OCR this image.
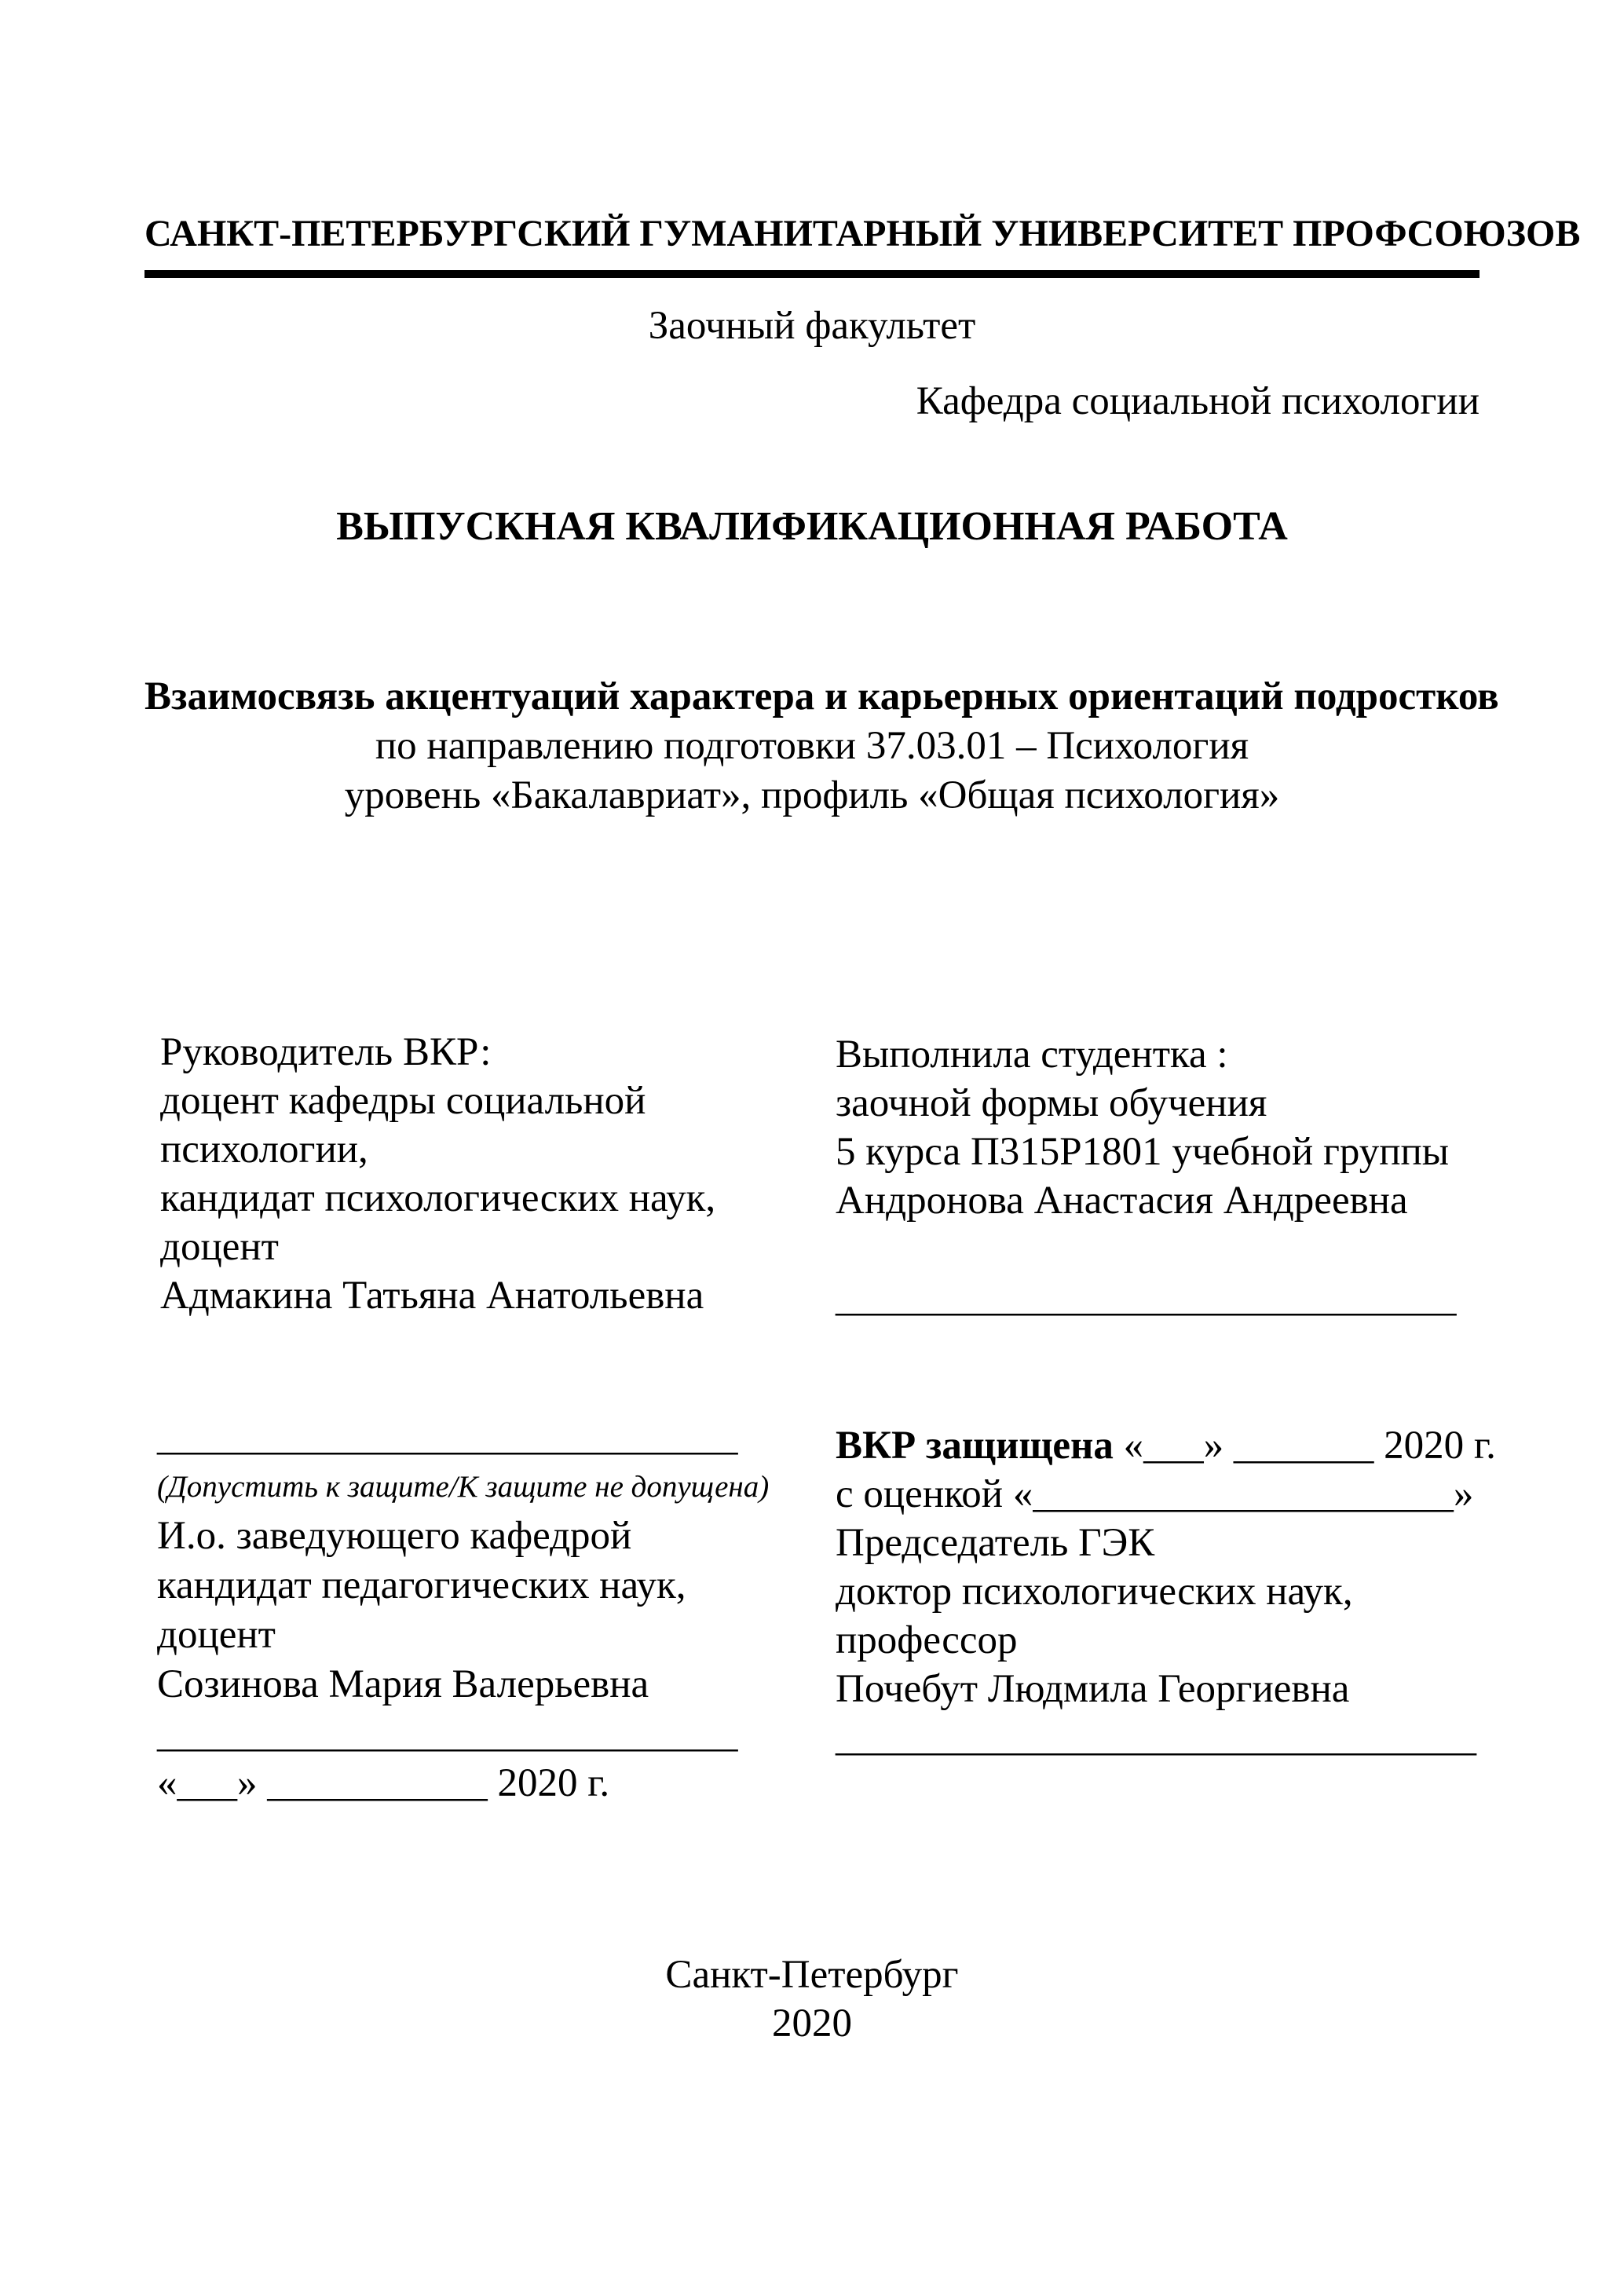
САНКТ-ПЕТЕРБУРГСКИЙ ГУМАНИТАРНЫЙ УНИВЕРСИТЕТ ПРОФСОЮЗОВ
Заочный факультет
Кафедра социальной психологии
ВЫПУСКНАЯ КВАЛИФИКАЦИОННАЯ РАБОТА
Взаимосвязь акцентуаций характера и карьерных ориентаций подростков
по направлению подготовки 37.03.01 – Психология
уровень «Бакалавриат», профиль «Общая психология»
Руководитель ВКР:
доцент кафедры социальной
психологии,
кандидат психологических наук,
доцент
Адмакина Татьяна Анатольевна
Выполнила студентка :
заочной формы обучения
5 курса П315Р1801 учебной группы
Андронова Анастасия Андреевна
_______________________________
_____________________________
(Допустить к защите/К защите не допущена)
И.о. заведующего кафедрой
кандидат педагогических наук,
доцент
Созинова Мария Валерьевна
_____________________________
«___» ___________ 2020 г.
ВКР защищена «___» _______ 2020 г.
с оценкой «_____________________»
Председатель ГЭК
доктор психологических наук,
профессор
Почебут Людмила Георгиевна
________________________________
Санкт-Петербург
2020
